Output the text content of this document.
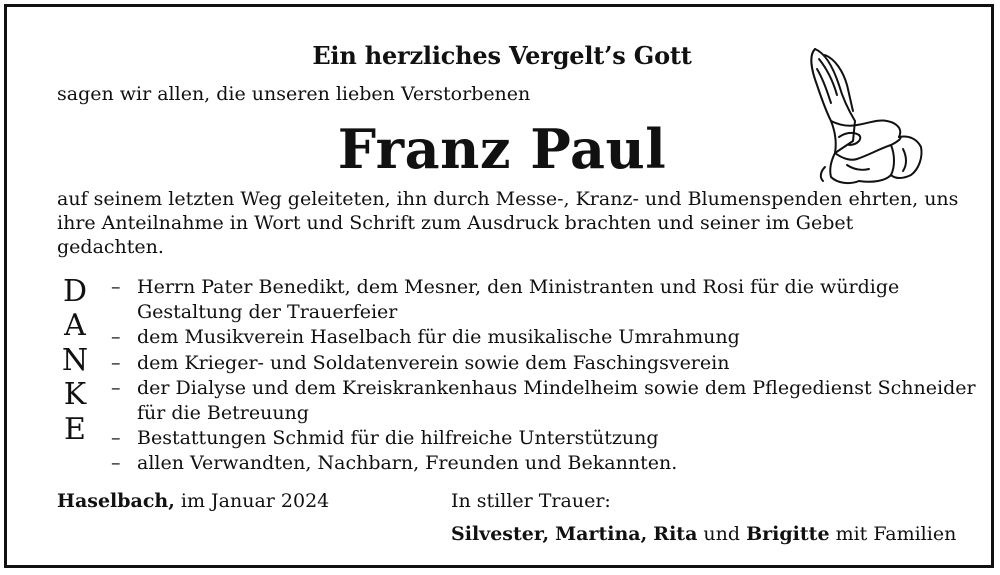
Ein herzliches Vergelt’s Gott
sagen wir allen, die unseren lieben Verstorbenen
Franz Paul

auf seinem letzten Weg geleiteten, ihn durch Messe-, Kranz- und Blumenspenden ehrten, uns ihre Anteilnahme in Wort und Schrift zum Ausdruck brachten und seiner im Gebet gedachten.

D
A
N
K
E
– Herrn Pater Benedikt, dem Mesner, den Ministranten und Rosi für die würdige Gestaltung der Trauerfeier
– dem Musikverein Haselbach für die musikalische Umrahmung
– dem Krieger- und Soldatenverein sowie dem Faschingsverein
– der Dialyse und dem Kreiskrankenhaus Mindelheim sowie dem Pflegedienst Schneider für die Betreuung
– Bestattungen Schmid für die hilfreiche Unterstützung
– allen Verwandten, Nachbarn, Freunden und Bekannten.
Haselbach, im Januar 2024	In stiller Trauer:
Silvester, Martina, Rita und Brigitte mit Familien
